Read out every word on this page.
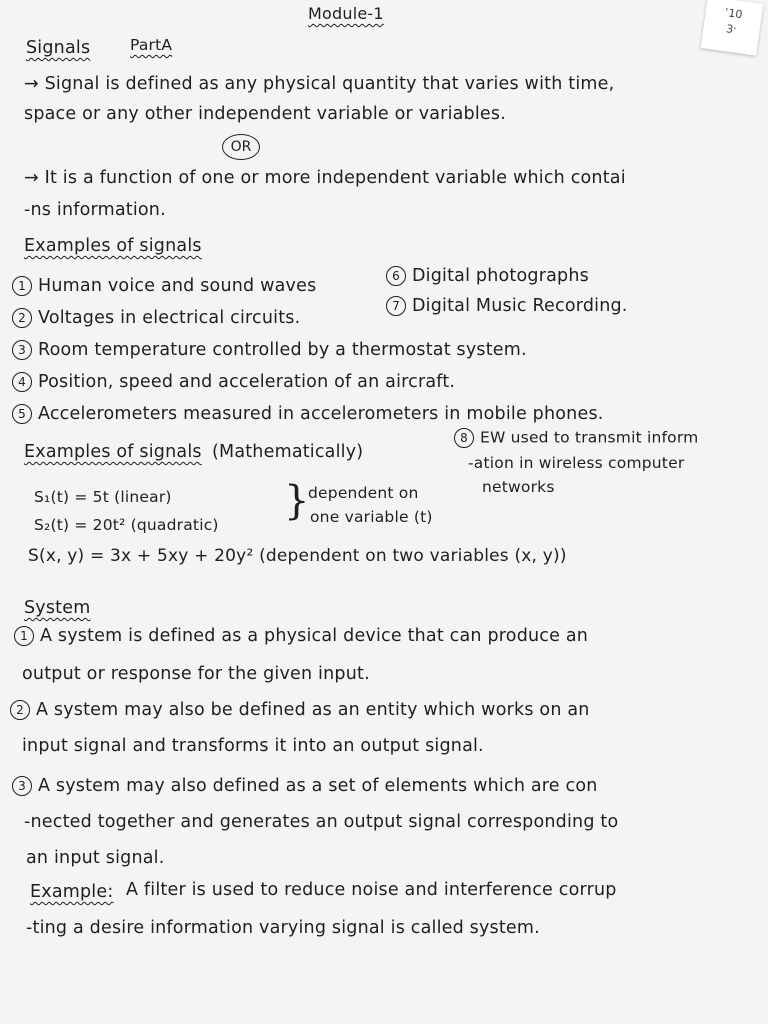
ʿ10
3ˑ
Module-1
Signals	PartA
→ Signal is defined as any physical quantity that varies with time,
space or any other independent variable or variables.
OR
→ It is a function of one or more independent variable which contai
-ns information.
Examples of signals
1 Human voice and sound waves	6 Digital photographs
2 Voltages in electrical circuits.
7 Digital Music Recording.
3 Room temperature controlled by a thermostat system.
4 Position, speed and acceleration of an aircraft.
5 Accelerometers measured in accelerometers in mobile phones.
Examples of signals (Mathematically)
8 EW used to transmit inform
-ation in wireless computer
networks
S₁(t) = 5t (linear)
S₂(t) = 20t² (quadratic)
}
dependent on
one variable (t)
S(x, y) = 3x + 5xy + 20y² (dependent on two variables (x, y))
System
1 A system is defined as a physical device that can produce an
output or response for the given input.
2 A system may also be defined as an entity which works on an
input signal and transforms it into an output signal.
3 A system may also defined as a set of elements which are con
-nected together and generates an output signal corresponding to
an input signal.
Example: A filter is used to reduce noise and interference corrup
-ting a desire information varying signal is called system.
